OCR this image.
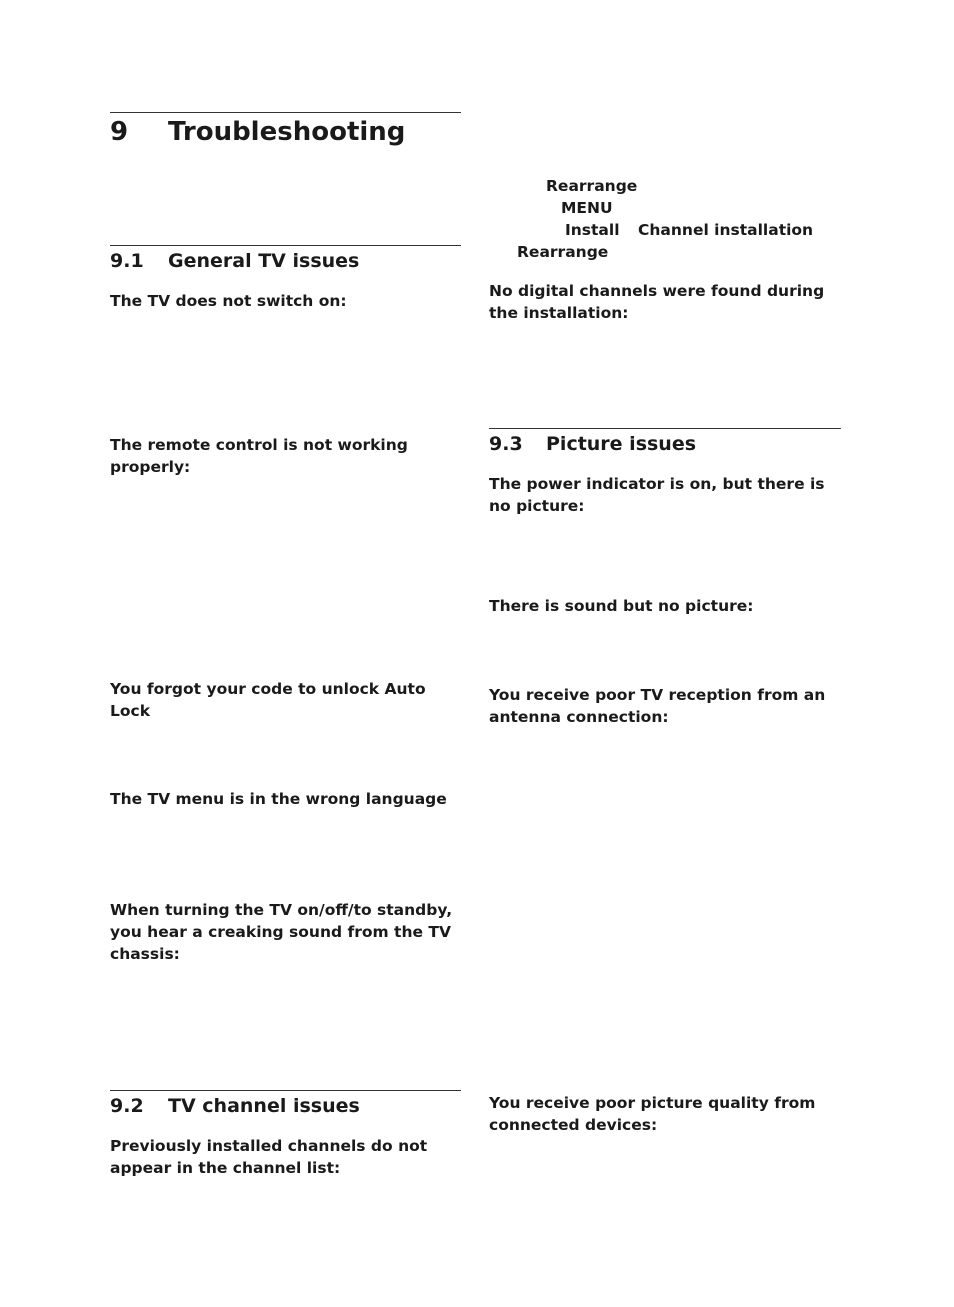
9 Troubleshooting
9.1 General TV issues

The TV does not switch on:

The remote control is not working properly:

You forgot your code to unlock Auto Lock

The TV menu is in the wrong language

When turning the TV on/off/to standby, you hear a creaking sound from the TV chassis:

9.2 TV channel issues

Previously installed channels do not appear in the channel list:

Rearrange
MENU
Install Channel installation
Rearrange

No digital channels were found during the installation:

9.3 Picture issues

The power indicator is on, but there is no picture:

There is sound but no picture:

You receive poor TV reception from an antenna connection:

You receive poor picture quality from connected devices:
